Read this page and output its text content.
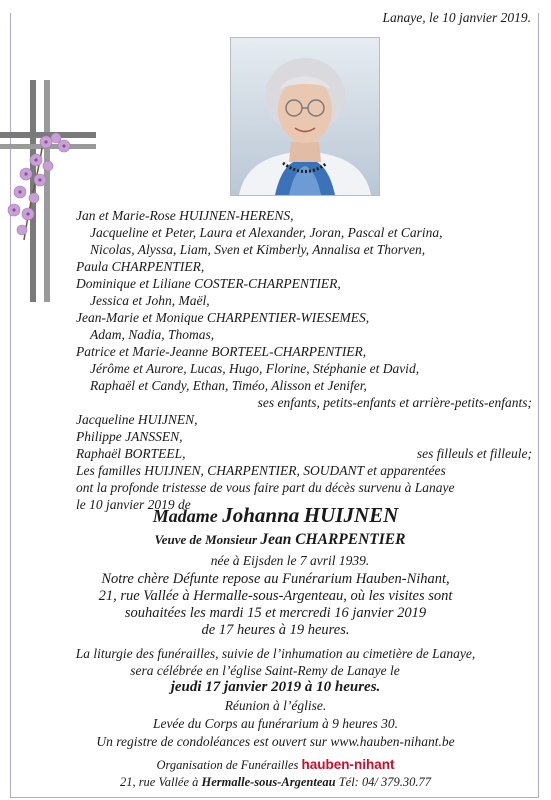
Lanaye, le 10 janvier 2019.
Jan et Marie-Rose HUIJNEN-HERENS,
Jacqueline et Peter, Laura et Alexander, Joran, Pascal et Carina,
Nicolas, Alyssa, Liam, Sven et Kimberly, Annalisa et Thorven,
Paula CHARPENTIER,
Dominique et Liliane COSTER-CHARPENTIER,
Jessica et John, Maël,
Jean-Marie et Monique CHARPENTIER-WIESEMES,
Adam, Nadia, Thomas,
Patrice et Marie-Jeanne BORTEEL-CHARPENTIER,
Jérôme et Aurore, Lucas, Hugo, Florine, Stéphanie et David,
Raphaël et Candy, Ethan, Timéo, Alisson et Jenifer,
ses enfants, petits-enfants et arrière-petits-enfants;
Jacqueline HUIJNEN,
Philippe JANSSEN,
Raphaël BORTEEL,	ses filleuls et filleule;
Les familles HUIJNEN, CHARPENTIER, SOUDANT et apparentées
ont la profonde tristesse de vous faire part du décès survenu à Lanaye
le 10 janvier 2019 de
Madame Johanna HUIJNEN
Veuve de Monsieur Jean CHARPENTIER
née à Eijsden le 7 avril 1939.
Notre chère Défunte repose au Funérarium Hauben-Nihant,
21, rue Vallée à Hermalle-sous-Argenteau, où les visites sont
souhaitées les mardi 15 et mercredi 16 janvier 2019
de 17 heures à 19 heures.
La liturgie des funérailles, suivie de l’inhumation au cimetière de Lanaye,
sera célébrée en l’église Saint-Remy de Lanaye le
jeudi 17 janvier 2019 à 10 heures.
Réunion à l’église.
Levée du Corps au funérarium à 9 heures 30.
Un registre de condoléances est ouvert sur www.hauben-nihant.be
Organisation de Funérailles hauben-nihant
21, rue Vallée à Hermalle-sous-Argenteau Tél: 04/ 379.30.77
